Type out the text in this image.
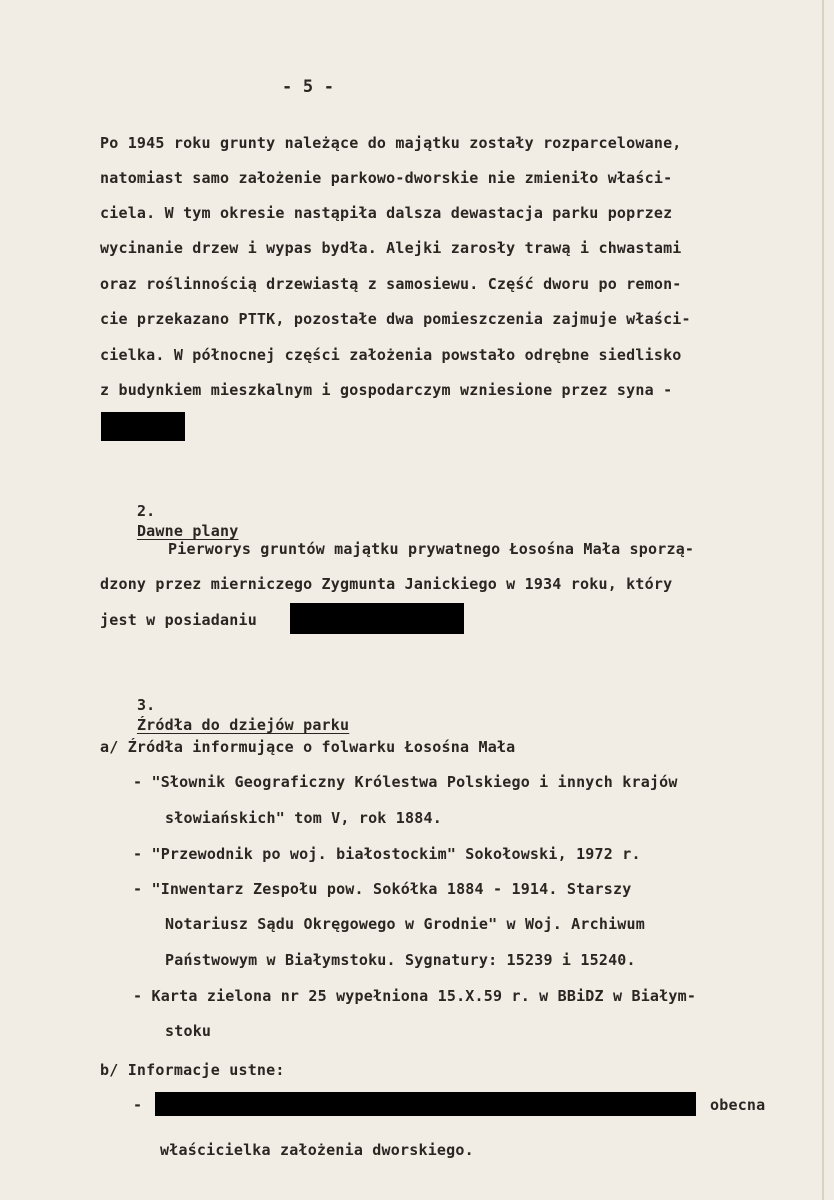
- 5 -
Po 1945 roku grunty należące do majątku zostały rozparcelowane,
natomiast samo założenie parkowo-dworskie nie zmieniło właści-
ciela. W tym okresie nastąpiła dalsza dewastacja parku poprzez
wycinanie drzew i wypas bydła. Alejki zarosły trawą i chwastami
oraz roślinnością drzewiastą z samosiewu. Część dworu po remon-
cie przekazano PTTK, pozostałe dwa pomieszczenia zajmuje właści-
cielka. W północnej części założenia powstało odrębne siedlisko
z budynkiem mieszkalnym i gospodarczym wzniesione przez syna -

2.
Dawne plany

Pierworys gruntów majątku prywatnego Łosośna Mała sporzą-
dzony przez mierniczego Zygmunta Janickiego w 1934 roku, który
jest w posiadaniu

3.
Źródła do dziejów parku

a/ Źródła informujące o folwarku Łosośna Mała
- "Słownik Geograficzny Królestwa Polskiego i innych krajów
słowiańskich" tom V, rok 1884.
- "Przewodnik po woj. białostockim" Sokołowski, 1972 r.
- "Inwentarz Zespołu pow. Sokółka 1884 - 1914. Starszy
Notariusz Sądu Okręgowego w Grodnie" w Woj. Archiwum
Państwowym w Białymstoku. Sygnatury: 15239 i 15240.
- Karta zielona nr 25 wypełniona 15.X.59 r. w BBiDZ w Białym-
stoku
b/ Informacje ustne:
-	obecna
właścicielka założenia dworskiego.
